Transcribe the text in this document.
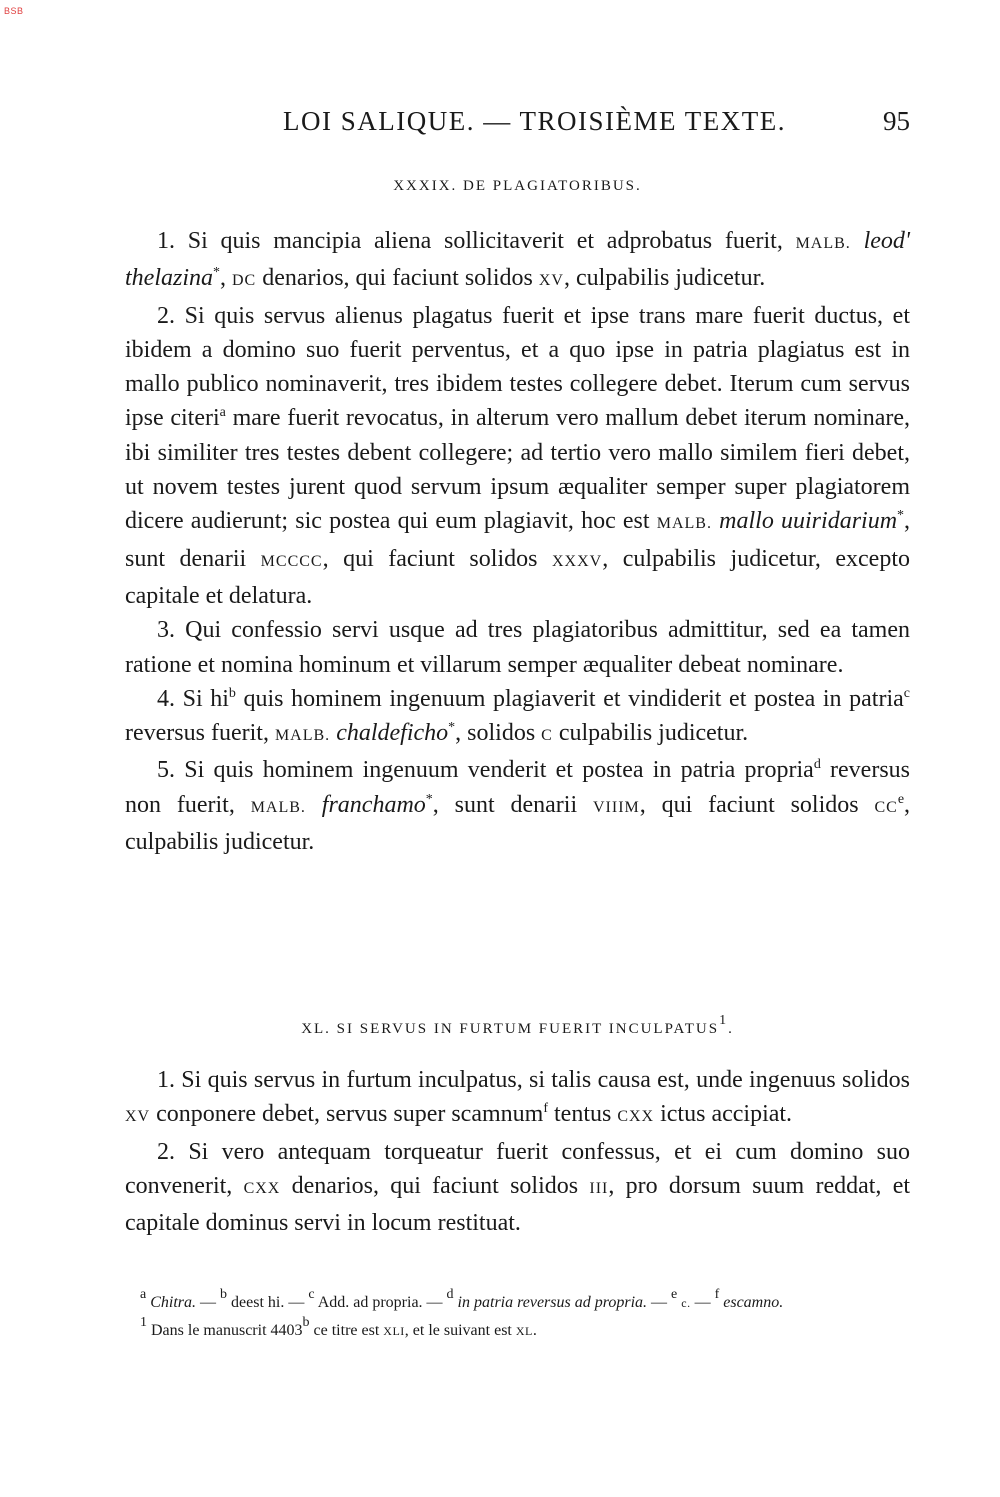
BSB
LOI SALIQUE. — TROISIÈME TEXTE.	95
XXXIX. DE PLAGIATORIBUS.

1. Si quis mancipia aliena sollicitaverit et adprobatus fuerit, MALB. leod' thelazina*, DC denarios, qui faciunt solidos XV, culpabilis judicetur.

2. Si quis servus alienus plagatus fuerit et ipse trans mare fuerit ductus, et ibidem a domino suo fuerit perventus, et a quo ipse in patria plagiatus est in mallo publico nominaverit, tres ibidem testes collegere debet. Iterum cum servus ipse citeri$^a$ mare fuerit revocatus, in alterum vero mallum debet iterum nominare, ibi similiter tres testes debent collegere; ad tertio vero mallo similem fieri debet, ut novem testes jurent quod servum ipsum æqualiter semper super plagiatorem dicere audierunt; sic postea qui eum plagiavit, hoc est MALB. mallo uuiridarium*, sunt denarii MCCCC, qui faciunt solidos XXXV, culpabilis judicetur, excepto capitale et delatura.

3. Qui confessio servi usque ad tres plagiatoribus admittitur, sed ea tamen ratione et nomina hominum et villarum semper æqualiter debeat nominare.

4. Si $hi^b$ quis hominem ingenuum plagiaverit et vindiderit et postea in patria$^c$ reversus fuerit, MALB. chaldeficho*, solidos C culpabilis judicetur.

5. Si quis hominem ingenuum venderit et postea in patria propria$^d$ reversus non fuerit, MALB. franchamo*, sunt denarii VIIIM, qui faciunt solidos CCe, culpabilis judicetur.

XL. SI SERVUS IN FURTUM FUERIT INCULPATUS$^1$.

1. Si quis servus in furtum inculpatus, si talis causa est, unde ingenuus solidos XV conponere debet, servus super scamnum$^f$ tentus CXX ictus accipiat.

2. Si vero antequam torqueatur fuerit confessus, et ei cum domino suo convenerit, CXX denarios, qui faciunt solidos III, pro dorsum suum reddat, et capitale dominus servi in locum restituat.

$^a$ Chitra. — $^b$ deest hi. — $^c$ Add. ad propria. — $^d$ in patria reversus ad propria. — $^e$ c. — $^f$ escamno.

$^1$ Dans le manuscrit 4403$^b$ ce titre est XLI, et le suivant est XL.
